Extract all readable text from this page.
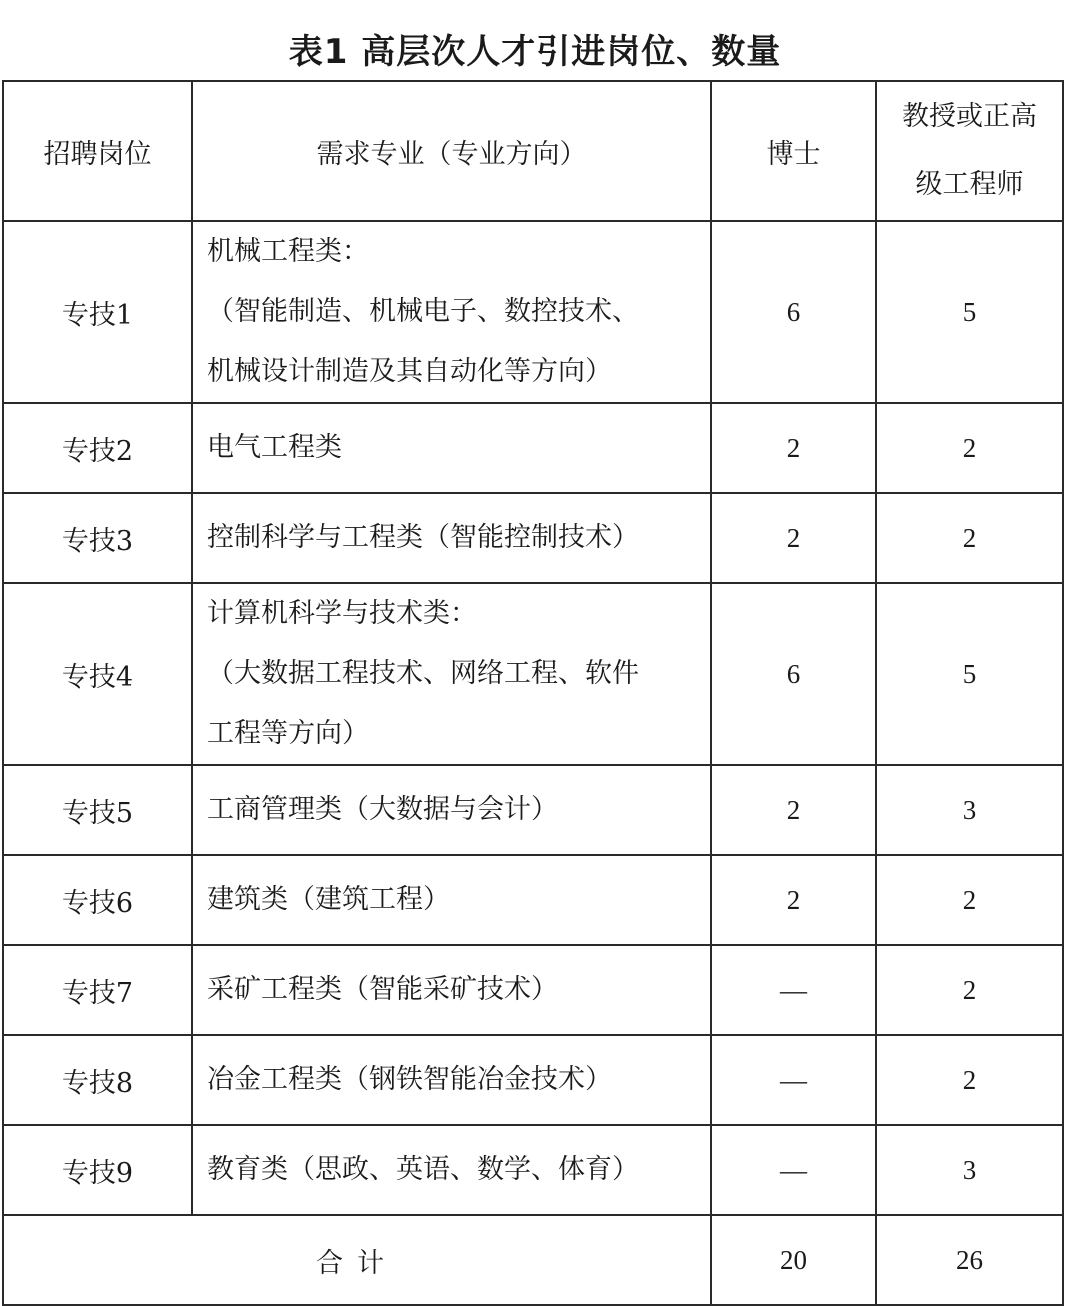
表1 高层次人才引进岗位、数量
招聘岗位	需求专业（专业方向）	博士	教授或正高
级工程师

专技1	机械工程类：
（智能制造、机械电子、数控技术、
机械设计制造及其自动化等方向）	6	5
专技2	电气工程类	2	2
专技3	控制科学与工程类（智能控制技术）	2	2
专技4	计算机科学与技术类：
（大数据工程技术、网络工程、软件
工程等方向）	6	5
专技5	工商管理类（大数据与会计）	2	3
专技6	建筑类（建筑工程）	2	2
专技7	采矿工程类（智能采矿技术）	—	2
专技8	冶金工程类（钢铁智能冶金技术）	—	2
专技9	教育类（思政、英语、数学、体育）	—	3
合计		20	26
